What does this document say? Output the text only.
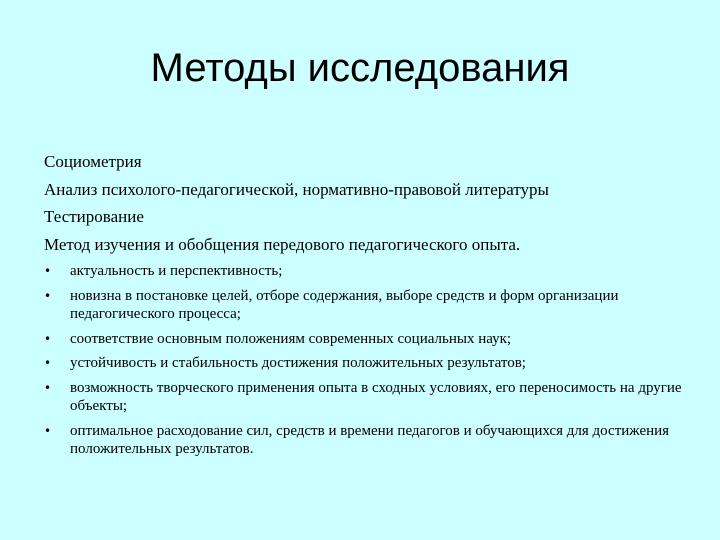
Методы исследования
Социометрия
Анализ психолого-педагогической, нормативно-правовой литературы
Тестирование
Метод изучения и обобщения передового педагогического опыта.
• актуальность и перспективность;
• новизна в постановке целей, отборе содержания, выборе средств и форм организации педагогического процесса;
• соответствие основным положениям современных социальных наук;
• устойчивость и стабильность достижения положительных результатов;
• возможность творческого применения опыта в сходных условиях, его переносимость на другие объекты;
• оптимальное расходование сил, средств и времени педагогов и обучающихся для достижения положительных результатов.
